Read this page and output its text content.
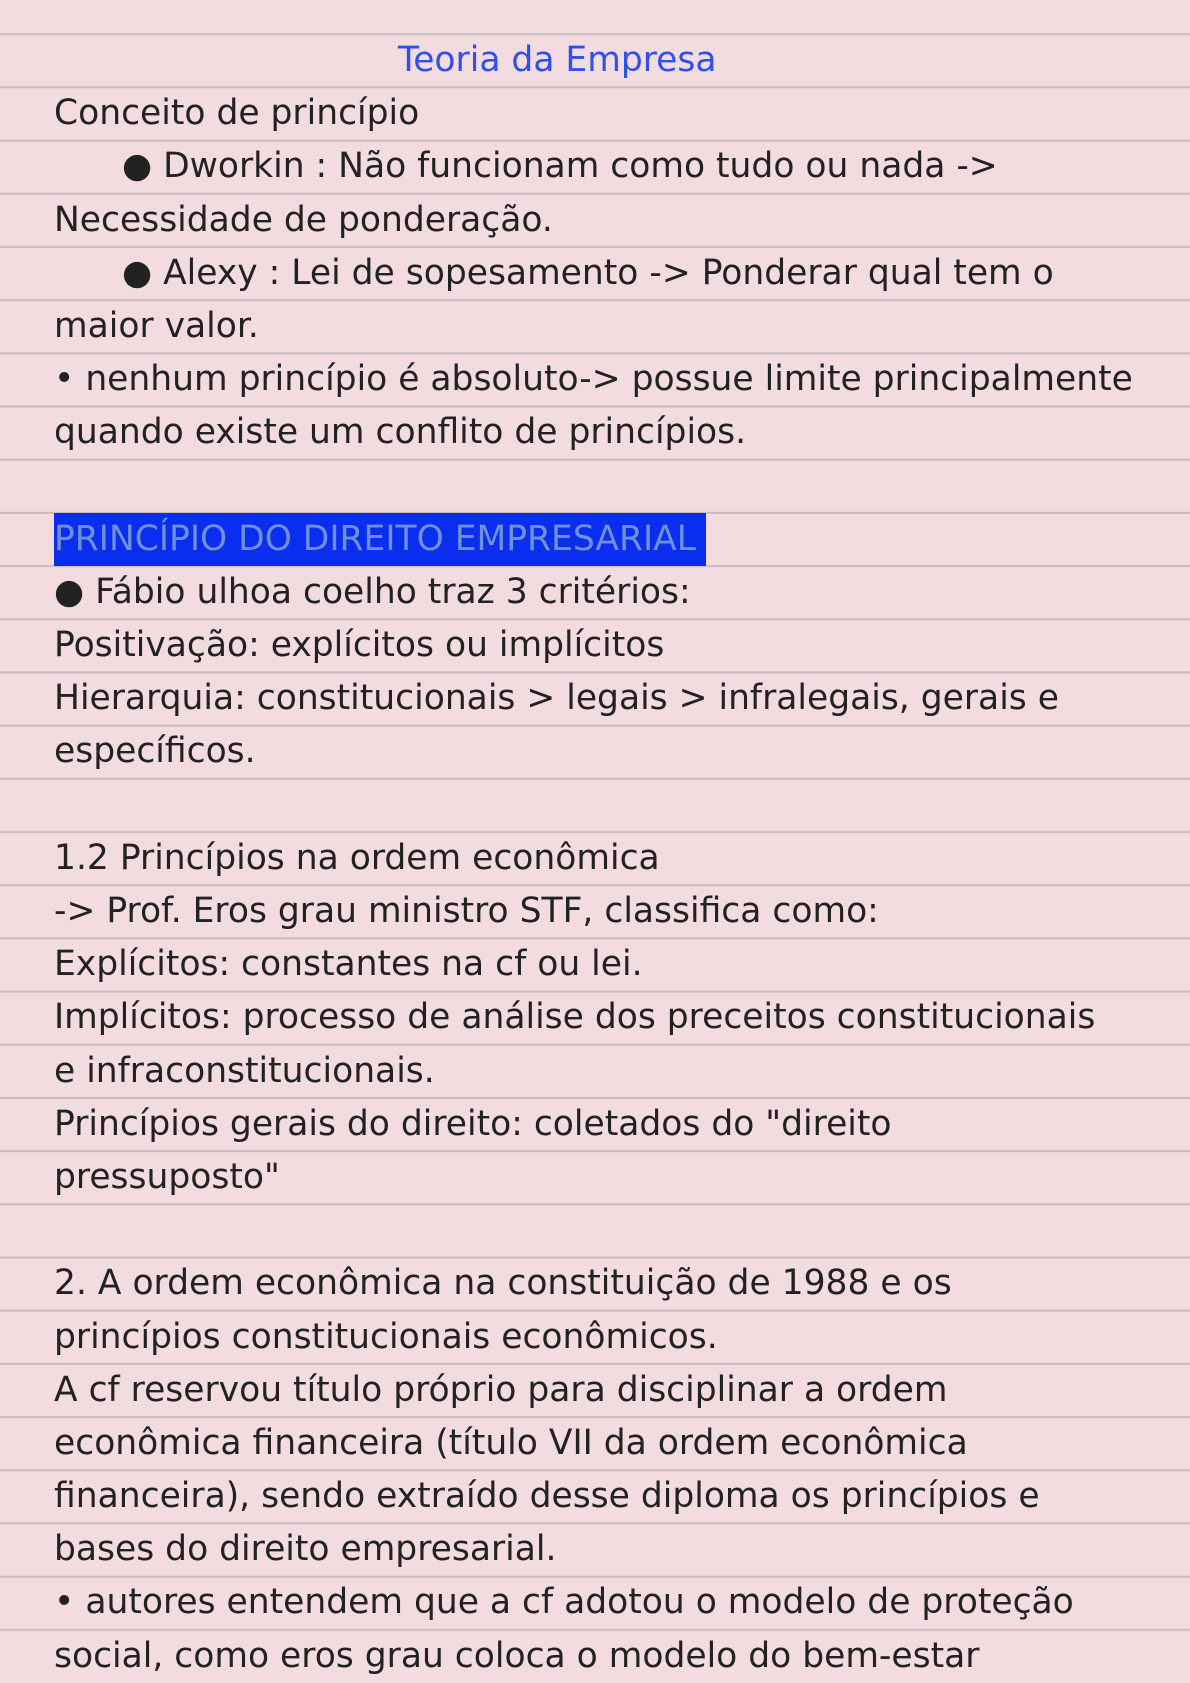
Teoria da Empresa
Conceito de princípio
● Dworkin : Não funcionam como tudo ou nada ->
Necessidade de ponderação.
● Alexy : Lei de sopesamento -> Ponderar qual tem o
maior valor.
• nenhum princípio é absoluto-> possue limite principalmente
quando existe um conflito de princípios.
PRINCÍPIO DO DIREITO EMPRESARIAL
● Fábio ulhoa coelho traz 3 critérios:
Positivação: explícitos ou implícitos
Hierarquia: constitucionais > legais > infralegais, gerais e
específicos.
1.2 Princípios na ordem econômica
-> Prof. Eros grau ministro STF, classifica como:
Explícitos: constantes na cf ou lei.
Implícitos: processo de análise dos preceitos constitucionais
e infraconstitucionais.
Princípios gerais do direito: coletados do "direito
pressuposto"
2. A ordem econômica na constituição de 1988 e os
princípios constitucionais econômicos.
A cf reservou título próprio para disciplinar a ordem
econômica financeira (título VII da ordem econômica
financeira), sendo extraído desse diploma os princípios e
bases do direito empresarial.
• autores entendem que a cf adotou o modelo de proteção
social, como eros grau coloca o modelo do bem-estar
